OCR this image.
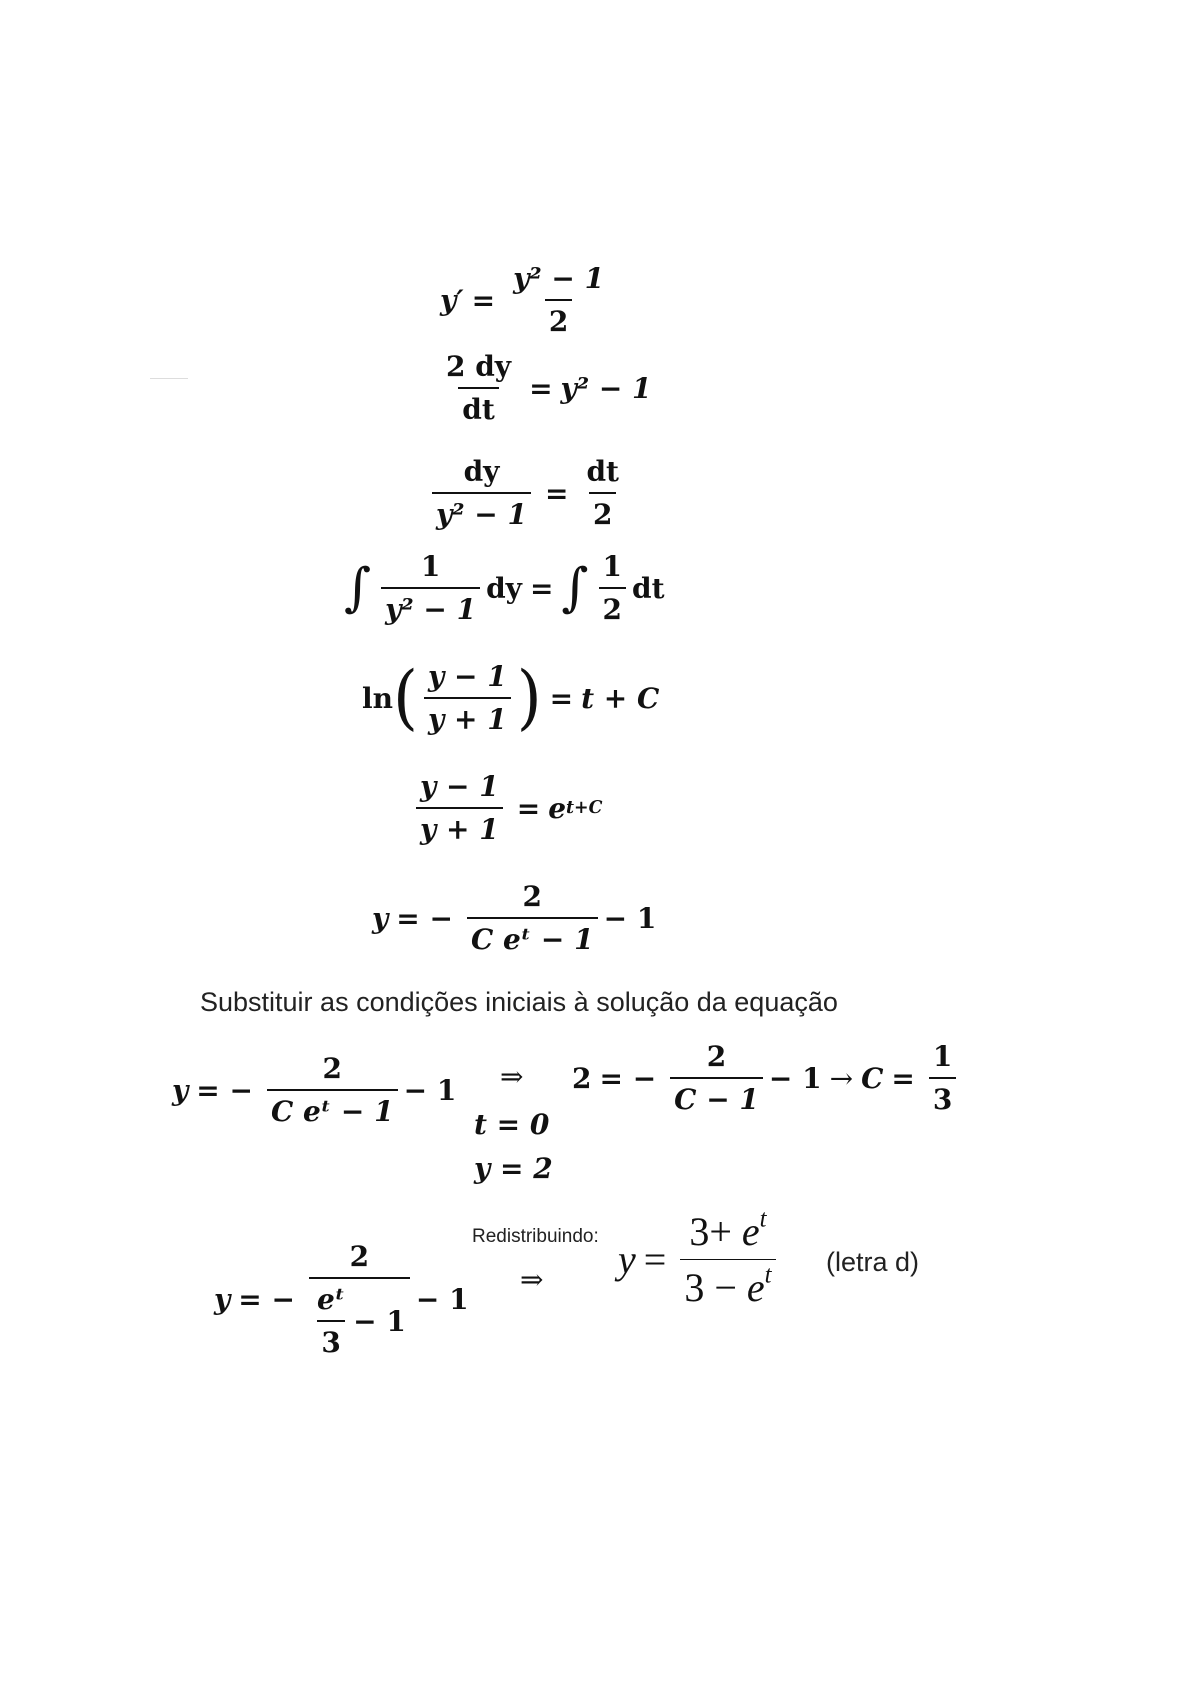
$y' = \frac{\text{y² − 1}}{2}$
$\frac{2 dy}{dt} = y^2 - 1$
$\frac{dy}{\text{y² − 1}} = \frac{dt}{2}$
∫ $\frac{1}{\text{y² − 1}}$ dy = ∫ $\frac{1}{2}$ dt
ln ( $\frac{y - 1}{y + 1}$ ) = t + C
$\frac{y - 1}{y + 1} = e$ t+C
y = − $\frac{2}{\text{C eᵗ − 1}} - 1$
Substituir as condições iniciais à solução da equação
y = − $\frac{2}{\text{C eᵗ − 1}} - 1$ ⇒
t = 0
y = 2
2 = − $\frac{2}{C - 1} - 1 \to C = \frac{1}{3}$
y = − $\frac{2}{\frac{\text{eᵗ}}{3} - 1} - 1$
Redistribuindo:
⇒ $y = \frac{3+ e^t}{3 - e^t}$ (letra d)
